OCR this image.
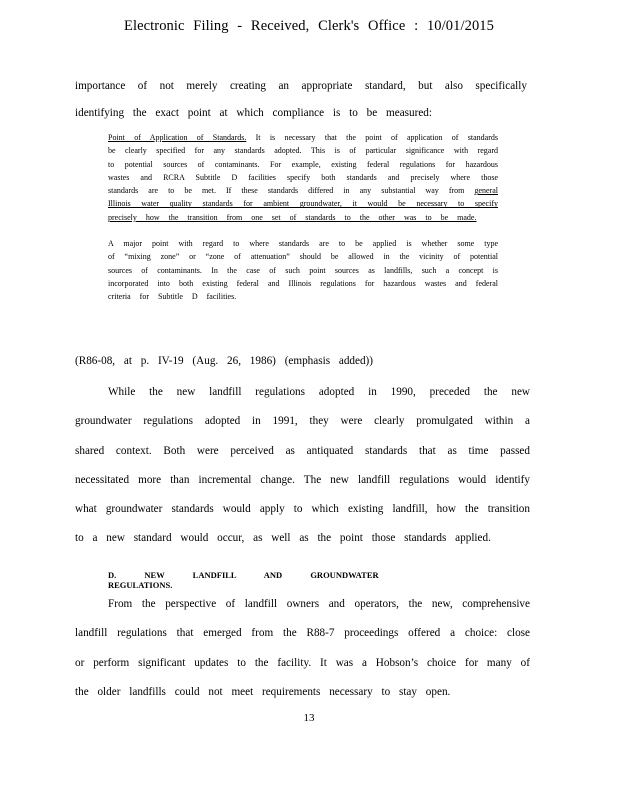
Electronic Filing - Received, Clerk's Office : 10/01/2015
importance of not merely creating an appropriate standard, but also specifically identifying the exact point at which compliance is to be measured:

Point of Application of Standards. It is necessary that the point of application of standards be clearly specified for any standards adopted. This is of particular significance with regard to potential sources of contaminants. For example, existing federal regulations for hazardous wastes and RCRA Subtitle D facilities specify both standards and precisely where those standards are to be met. If these standards differed in any substantial way from general Illinois water quality standards for ambient groundwater, it would be necessary to specify precisely how the transition from one set of standards to the other was to be made.

A major point with regard to where standards are to be applied is whether some type of “mixing zone” or “zone of attenuation” should be allowed in the vicinity of potential sources of contaminants. In the case of such point sources as landfills, such a concept is incorporated into both existing federal and Illinois regulations for hazardous wastes and federal criteria for Subtitle D facilities.

(R86-08, at p. IV-19 (Aug. 26, 1986) (emphasis added))
While the new landfill regulations adopted in 1990, preceded the new groundwater regulations adopted in 1991, they were clearly promulgated within a shared context. Both were perceived as antiquated standards that as time passed necessitated more than incremental change. The new landfill regulations would identify what groundwater standards would apply to which existing landfill, how the transition to a new standard would occur, as well as the point those standards applied.
D. NEW LANDFILL AND GROUNDWATER REGULATIONS.
From the perspective of landfill owners and operators, the new, comprehensive landfill regulations that emerged from the R88-7 proceedings offered a choice: close or perform significant updates to the facility. It was a Hobson’s choice for many of the older landfills could not meet requirements necessary to stay open.
13
